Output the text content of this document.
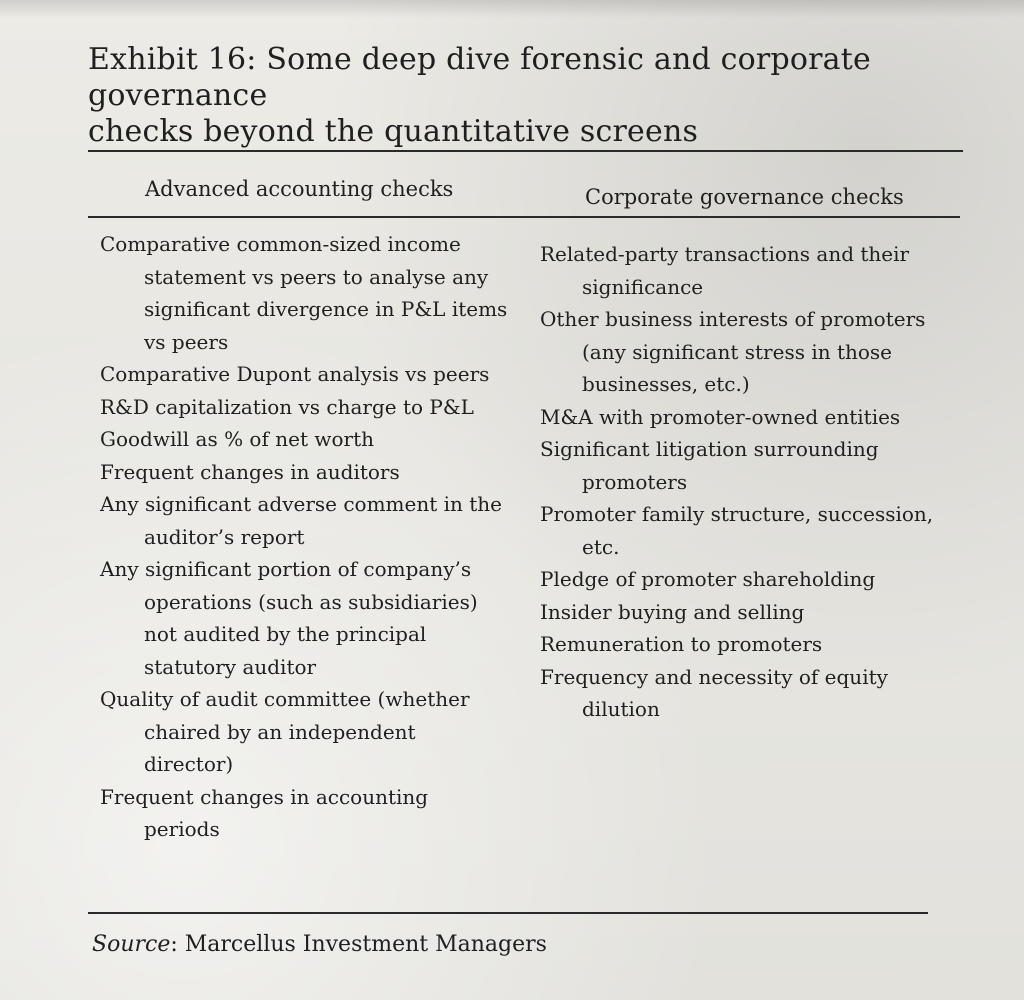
Exhibit 16: Some deep dive forensic and corporate governance
checks beyond the quantitative screens
Advanced accounting checks	Corporate governance checks
Comparative common-sized income statement vs peers to analyse any significant divergence in P&L items vs peers
Comparative Dupont analysis vs peers
R&D capitalization vs charge to P&L
Goodwill as % of net worth
Frequent changes in auditors
Any significant adverse comment in the auditor’s report
Any significant portion of company’s operations (such as subsidiaries) not audited by the principal statutory auditor
Quality of audit committee (whether chaired by an independent director)
Frequent changes in accounting periods
Related-party transactions and their significance
Other business interests of promoters (any significant stress in those businesses, etc.)
M&A with promoter-owned entities
Significant litigation surrounding promoters
Promoter family structure, succession, etc.
Pledge of promoter shareholding
Insider buying and selling
Remuneration to promoters
Frequency and necessity of equity dilution
Source: Marcellus Investment Managers
